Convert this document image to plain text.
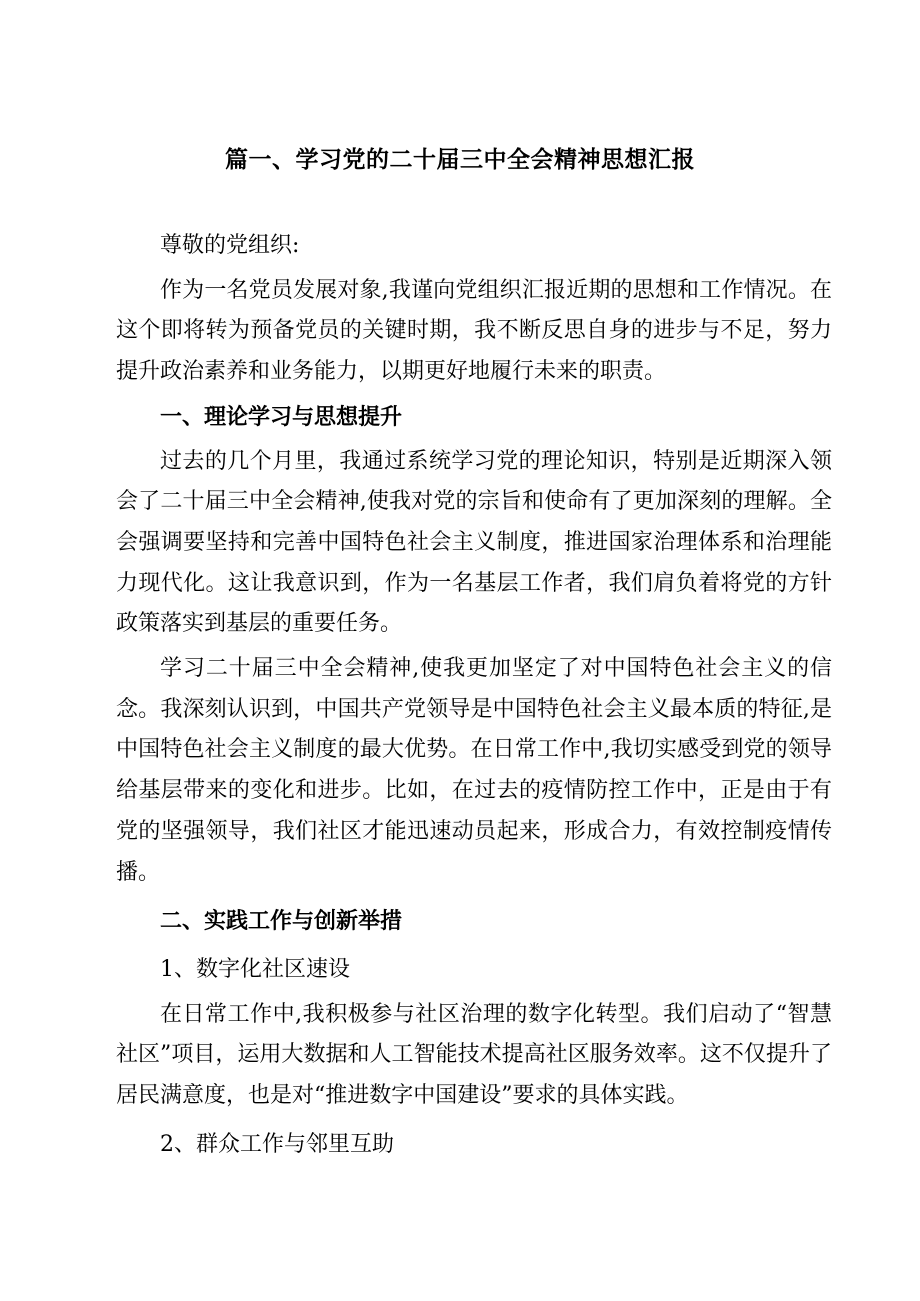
篇一、学习党的二十届三中全会精神思想汇报

尊敬的党组织:

作为一名党员发展对象,我谨向党组织汇报近期的思想和工作情况。在这个即将转为预备党员的关键时期，我不断反思自身的进步与不足，努力提升政治素养和业务能力，以期更好地履行未来的职责。

一、理论学习与思想提升

过去的几个月里，我通过系统学习党的理论知识，特别是近期深入领会了二十届三中全会精神,使我对党的宗旨和使命有了更加深刻的理解。全会强调要坚持和完善中国特色社会主义制度，推进国家治理体系和治理能力现代化。这让我意识到，作为一名基层工作者，我们肩负着将党的方针政策落实到基层的重要任务。

学习二十届三中全会精神,使我更加坚定了对中国特色社会主义的信念。我深刻认识到，中国共产党领导是中国特色社会主义最本质的特征,是中国特色社会主义制度的最大优势。在日常工作中,我切实感受到党的领导给基层带来的变化和进步。比如，在过去的疫情防控工作中，正是由于有党的坚强领导，我们社区才能迅速动员起来，形成合力，有效控制疫情传播。

二、实践工作与创新举措

1、数字化社区速设

在日常工作中,我积极参与社区治理的数字化转型。我们启动了“智慧社区”项目，运用大数据和人工智能技术提高社区服务效率。这不仅提升了居民满意度，也是对“推进数字中国建设”要求的具体实践。

2、群众工作与邻里互助
